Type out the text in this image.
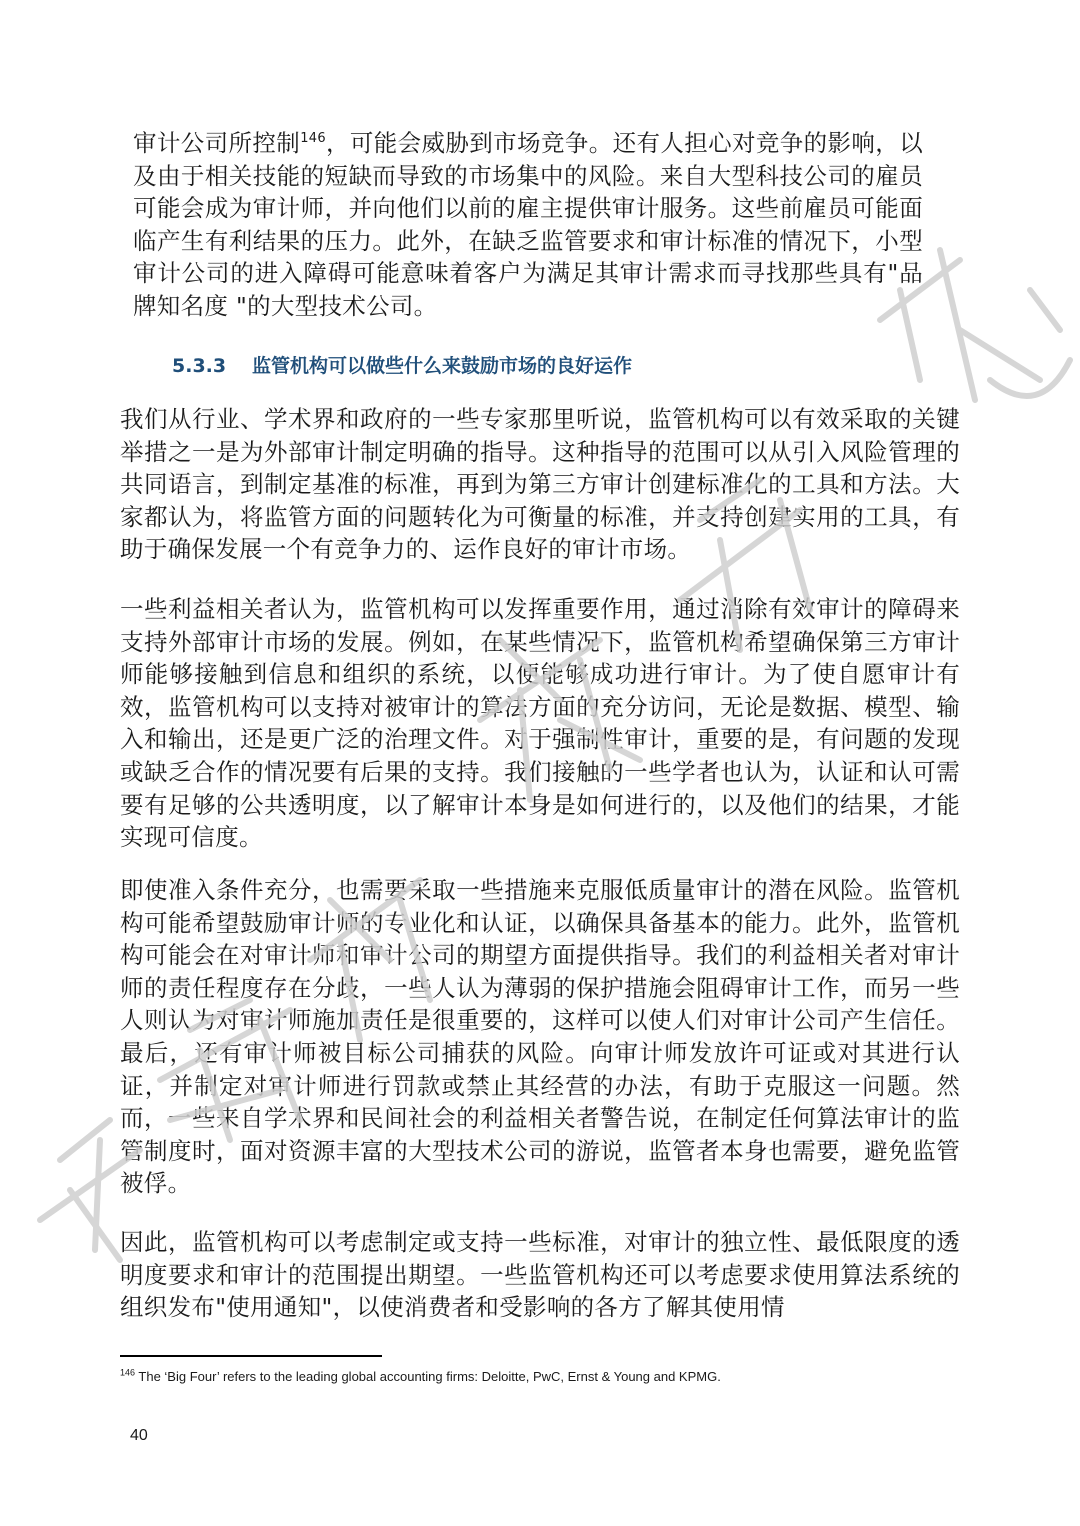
审计公司所控制$^{146}$，可能会威胁到市场竞争。还有人担心对竞争的影响，以及由于相关技能的短缺而导致的市场集中的风险。来自大型科技公司的雇员可能会成为审计师，并向他们以前的雇主提供审计服务。这些前雇员可能面临产生有利结果的压力。此外，在缺乏监管要求和审计标准的情况下，小型审计公司的进入障碍可能意味着客户为满足其审计需求而寻找那些具有"品牌知名度 "的大型技术公司。

5.3.3 监管机构可以做些什么来鼓励市场的良好运作

我们从行业、学术界和政府的一些专家那里听说，监管机构可以有效采取的关键举措之一是为外部审计制定明确的指导。这种指导的范围可以从引入风险管理的共同语言，到制定基准的标准，再到为第三方审计创建标准化的工具和方法。大家都认为，将监管方面的问题转化为可衡量的标准，并支持创建实用的工具，有助于确保发展一个有竞争力的、运作良好的审计市场。

一些利益相关者认为，监管机构可以发挥重要作用，通过消除有效审计的障碍来支持外部审计市场的发展。例如，在某些情况下，监管机构希望确保第三方审计师能够接触到信息和组织的系统，以便能够成功进行审计。为了使自愿审计有效，监管机构可以支持对被审计的算法方面的充分访问，无论是数据、模型、输入和输出，还是更广泛的治理文件。对于强制性审计，重要的是，有问题的发现或缺乏合作的情况要有后果的支持。我们接触的一些学者也认为，认证和认可需要有足够的公共透明度，以了解审计本身是如何进行的，以及他们的结果，才能实现可信度。

即使准入条件充分，也需要采取一些措施来克服低质量审计的潜在风险。监管机构可能希望鼓励审计师的专业化和认证，以确保具备基本的能力。此外，监管机构可能会在对审计师和审计公司的期望方面提供指导。我们的利益相关者对审计师的责任程度存在分歧，一些人认为薄弱的保护措施会阻碍审计工作，而另一些人则认为对审计师施加责任是很重要的，这样可以使人们对审计公司产生信任。最后，还有审计师被目标公司捕获的风险。向审计师发放许可证或对其进行认证，并制定对审计师进行罚款或禁止其经营的办法，有助于克服这一问题。然而，一些来自学术界和民间社会的利益相关者警告说，在制定任何算法审计的监管制度时，面对资源丰富的大型技术公司的游说，监管者本身也需要，避免监管被俘。

因此，监管机构可以考虑制定或支持一些标准，对审计的独立性、最低限度的透明度要求和审计的范围提出期望。一些监管机构还可以考虑要求使用算法系统的组织发布"使用通知"，以使消费者和受影响的各方了解其使用情

$^{146}$ The ‘Big Four’ refers to the leading global accounting firms: Deloitte, PwC, Ernst & Young and KPMG.
40
